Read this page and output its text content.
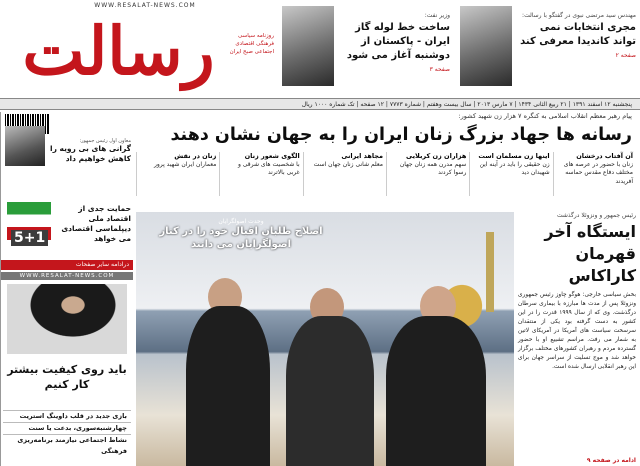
WWW.RESALAT-NEWS.COM
رسالت	روزنامه سیاسی فرهنگی اقتصادی اجتماعی صبح ایران
وزیر نفت:
ساخت خط لوله گاز ایران - پاکستان از دوشنبه آغاز می شود
صفحه ۳
مهندس سید مرتضی نبوی در گفتگو با رسالت:
مجری انتخابات نمی تواند کاندیدا معرفی کند
صفحه ۲
پنجشنبه ۱۲ اسفند ۱۳۹۱ | ۲۱ ربیع الثانی ۱۴۳۴ | ۷ مارس ۲۰۱۳ | سال بیست وهفتم | شماره ۷۷۷۳ | ۱۲ صفحه | تک شماره ۱۰۰۰ ریال
معاون اول رئیس جمهور:
گرانی های بی رویه را کاهش خواهیم داد
حمایت جدی از اقتصاد ملی دیپلماسی اقتصادی می خواهد
5+1
درادامه سایر صفحات
WWW.RESALAT-NEWS.COM
باید روی کیفیت بیشتر کار کنیم
بازی جدید در قلب داوینگ استریت
چهارشنبه‌سوری، بدعت یا سنت
نشاط اجتماعی نیازمند برنامه‌ریزی فرهنگی
پیام رهبر معظم انقلاب اسلامی به کنگره ۷ هزار زن شهید کشور:
رسانه ها جهاد بزرگ زنان ایران را به جهان نشان دهند
آن آفتاب درخشان
زنان با حضور در عرصه های مختلف دفاع مقدس حماسه آفریدند
اینها زن مسلمان است
زن حقیقی را باید در آینه این شهیدان دید
هزاران زن کربلایی
سهم مدرن همه زنان جهان رسوا کردند
مجاهد ایرانی
معلم شانی زنان جهان است
الگوی شعور زنان
با شخصیت های شرقی و غربی بالاترند
زنان در نقش
معماران ایران شهید پرور
وحدت اصولگرایان
اصلاح طلبان اقبال خود را در کنار اصولگرایان می دانند
رئیس جمهور و ونزوئلا درگذشت
ایستگاه آخر قهرمان کاراکاس
بخش سیاسی خارجی: هوگو چاوز رئیس جمهوری ونزوئلا پس از مدت ها مبارزه با بیماری سرطان درگذشت. وی که از سال ۱۹۹۹ قدرت را در این کشور به دست گرفته بود یکی از منتقدان سرسخت سیاست های آمریکا در آمریکای لاتین به شمار می رفت. مراسم تشییع او با حضور گسترده مردم و رهبران کشورهای مختلف برگزار خواهد شد و موج تسلیت از سراسر جهان برای این رهبر انقلابی ارسال شده است.
ادامه در صفحه ۹
